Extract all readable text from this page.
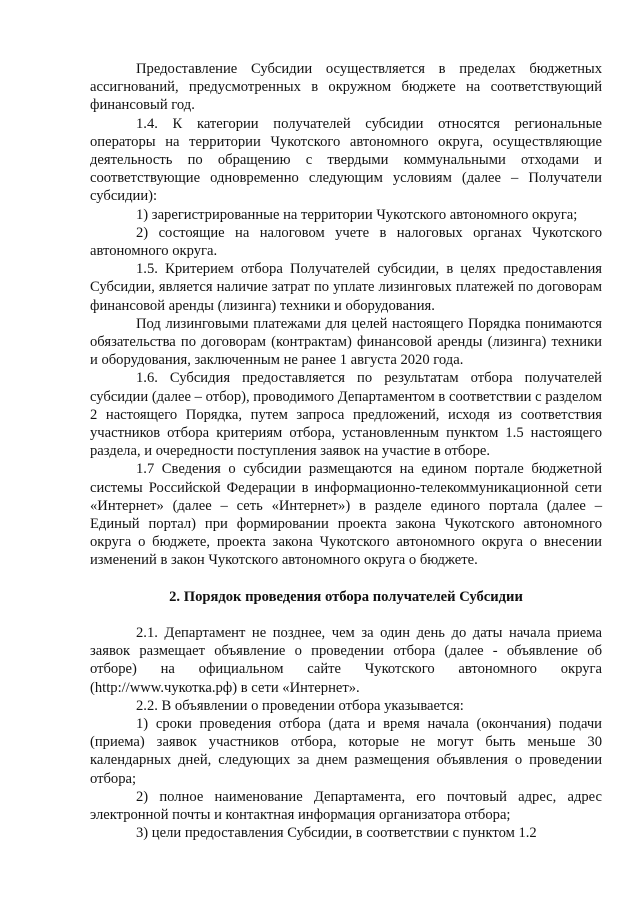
Предоставление Субсидии осуществляется в пределах бюджетных ассигнований, предусмотренных в окружном бюджете на соответствующий финансовый год.

1.4. К категории получателей субсидии относятся региональные операторы на территории Чукотского автономного округа, осуществляющие деятельность по обращению с твердыми коммунальными отходами и соответствующие одновременно следующим условиям (далее – Получатели субсидии):

1) зарегистрированные на территории Чукотского автономного округа;

2) состоящие на налоговом учете в налоговых органах Чукотского автономного округа.

1.5. Критерием отбора Получателей субсидии, в целях предоставления Субсидии, является наличие затрат по уплате лизинговых платежей по договорам финансовой аренды (лизинга) техники и оборудования.

Под лизинговыми платежами для целей настоящего Порядка понимаются обязательства по договорам (контрактам) финансовой аренды (лизинга) техники и оборудования, заключенным не ранее 1 августа 2020 года.

1.6. Субсидия предоставляется по результатам отбора получателей субсидии (далее – отбор), проводимого Департаментом в соответствии с разделом 2 настоящего Порядка, путем запроса предложений, исходя из соответствия участников отбора критериям отбора, установленным пунктом 1.5 настоящего раздела, и очередности поступления заявок на участие в отборе.

1.7 Сведения о субсидии размещаются на едином портале бюджетной системы Российской Федерации в информационно-телекоммуникационной сети «Интернет» (далее – сеть «Интернет») в разделе единого портала (далее – Единый портал) при формировании проекта закона Чукотского автономного округа о бюджете, проекта закона Чукотского автономного округа о внесении изменений в закон Чукотского автономного округа о бюджете.

2. Порядок проведения отбора получателей Субсидии

2.1. Департамент не позднее, чем за один день до даты начала приема заявок размещает объявление о проведении отбора (далее - объявление об отборе) на официальном сайте Чукотского автономного округа (http://www.чукотка.рф) в сети «Интернет».

2.2. В объявлении о проведении отбора указывается:

1) сроки проведения отбора (дата и время начала (окончания) подачи (приема) заявок участников отбора, которые не могут быть меньше 30 календарных дней, следующих за днем размещения объявления о проведении отбора;

2) полное наименование Департамента, его почтовый адрес, адрес электронной почты и контактная информация организатора отбора;

3) цели предоставления Субсидии, в соответствии с пунктом 1.2
